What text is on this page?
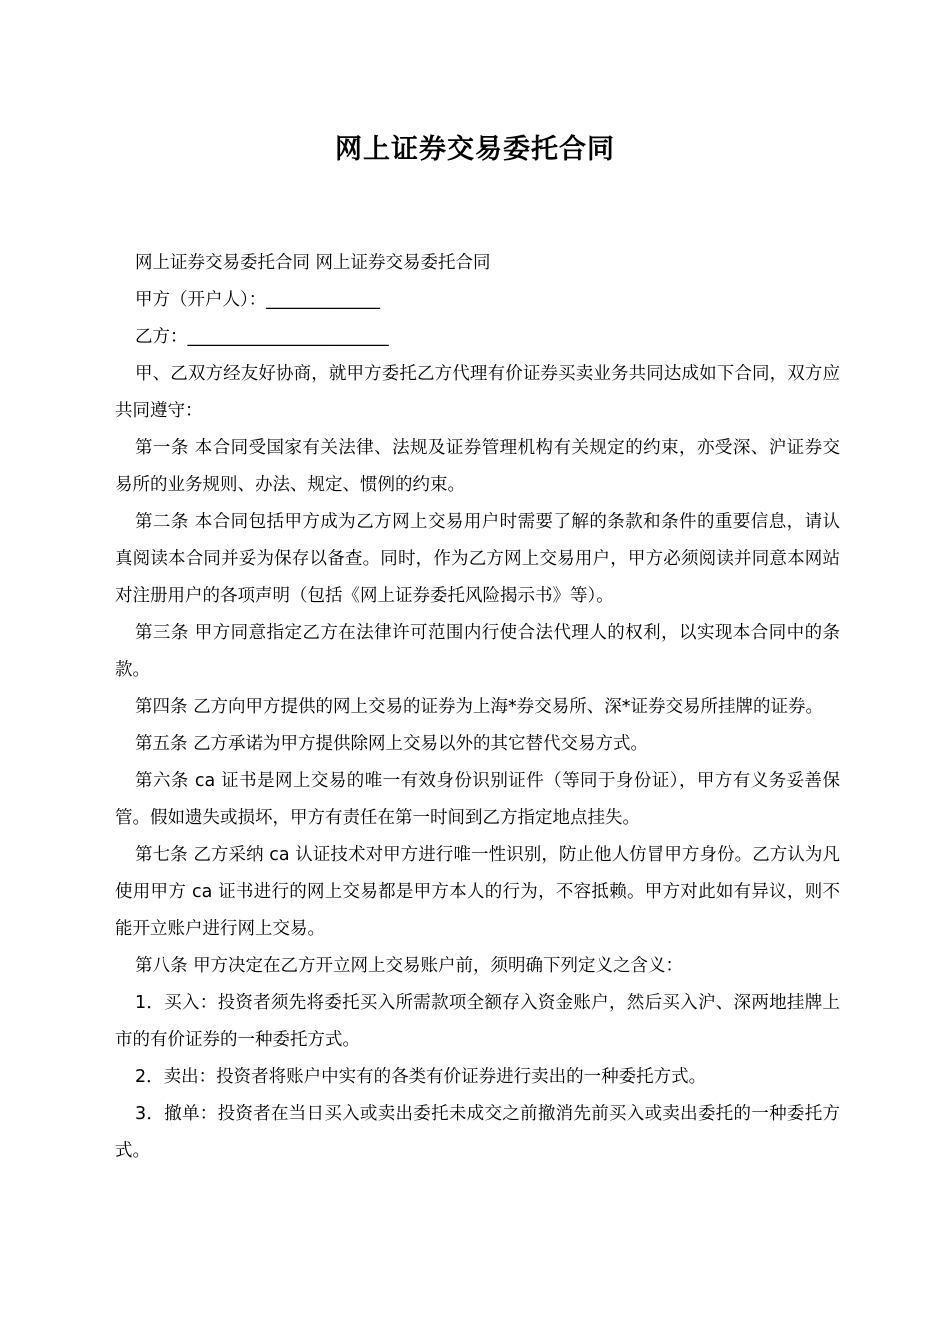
网上证券交易委托合同

网上证券交易委托合同 网上证券交易委托合同

甲方（开户人）：_____________

乙方：_______________________

甲、乙双方经友好协商，就甲方委托乙方代理有价证券买卖业务共同达成如下合同，双方应共同遵守：

第一条 本合同受国家有关法律、法规及证券管理机构有关规定的约束，亦受深、沪证券交易所的业务规则、办法、规定、惯例的约束。

第二条 本合同包括甲方成为乙方网上交易用户时需要了解的条款和条件的重要信息，请认真阅读本合同并妥为保存以备查。同时，作为乙方网上交易用户，甲方必须阅读并同意本网站对注册用户的各项声明（包括《网上证券委托风险揭示书》等）。

第三条 甲方同意指定乙方在法律许可范围内行使合法代理人的权利，以实现本合同中的条款。

第四条 乙方向甲方提供的网上交易的证券为上海*券交易所、深*证券交易所挂牌的证券。

第五条 乙方承诺为甲方提供除网上交易以外的其它替代交易方式。

第六条 ca 证书是网上交易的唯一有效身份识别证件（等同于身份证），甲方有义务妥善保管。假如遗失或损坏，甲方有责任在第一时间到乙方指定地点挂失。

第七条 乙方采纳 ca 认证技术对甲方进行唯一性识别，防止他人仿冒甲方身份。乙方认为凡使用甲方 ca 证书进行的网上交易都是甲方本人的行为，不容抵赖。甲方对此如有异议，则不能开立账户进行网上交易。

第八条 甲方决定在乙方开立网上交易账户前，须明确下列定义之含义：

1．买入：投资者须先将委托买入所需款项全额存入资金账户，然后买入沪、深两地挂牌上市的有价证券的一种委托方式。

2．卖出：投资者将账户中实有的各类有价证券进行卖出的一种委托方式。

3．撤单：投资者在当日买入或卖出委托未成交之前撤消先前买入或卖出委托的一种委托方式。
